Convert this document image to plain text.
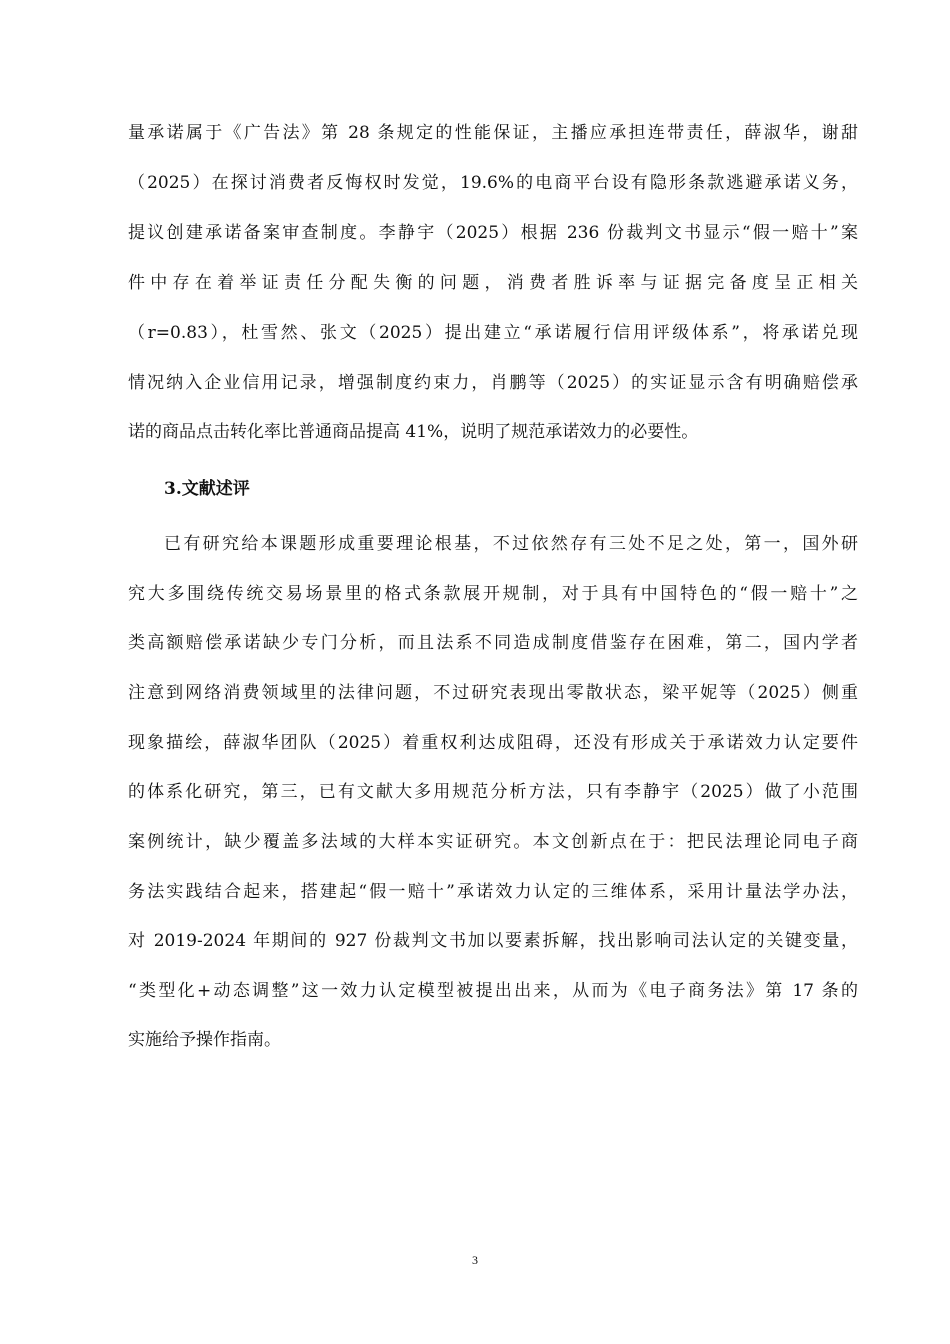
量承诺属于《广告法》第 28 条规定的性能保证，主播应承担连带责任，薛淑华，谢甜
（2025）在探讨消费者反悔权时发觉，19.6%的电商平台设有隐形条款逃避承诺义务，
提议创建承诺备案审查制度。李静宇（2025）根据 236 份裁判文书显示“假一赔十”案
件中存在着举证责任分配失衡的问题，消费者胜诉率与证据完备度呈正相关
（r=0.83），杜雪然、张文（2025）提出建立“承诺履行信用评级体系”，将承诺兑现
情况纳入企业信用记录，增强制度约束力，肖鹏等（2025）的实证显示含有明确赔偿承
诺的商品点击转化率比普通商品提高 41%，说明了规范承诺效力的必要性。
3.文献述评
已有研究给本课题形成重要理论根基，不过依然存有三处不足之处，第一，国外研
究大多围绕传统交易场景里的格式条款展开规制，对于具有中国特色的“假一赔十”之
类高额赔偿承诺缺少专门分析，而且法系不同造成制度借鉴存在困难，第二，国内学者
注意到网络消费领域里的法律问题，不过研究表现出零散状态，梁平妮等（2025）侧重
现象描绘，薛淑华团队（2025）着重权利达成阻碍，还没有形成关于承诺效力认定要件
的体系化研究，第三，已有文献大多用规范分析方法，只有李静宇（2025）做了小范围
案例统计，缺少覆盖多法域的大样本实证研究。本文创新点在于：把民法理论同电子商
务法实践结合起来，搭建起“假一赔十”承诺效力认定的三维体系，采用计量法学办法，
对 2019-2024 年期间的 927 份裁判文书加以要素拆解，找出影响司法认定的关键变量，
“类型化+动态调整”这一效力认定模型被提出出来，从而为《电子商务法》第 17 条的
实施给予操作指南。
3
